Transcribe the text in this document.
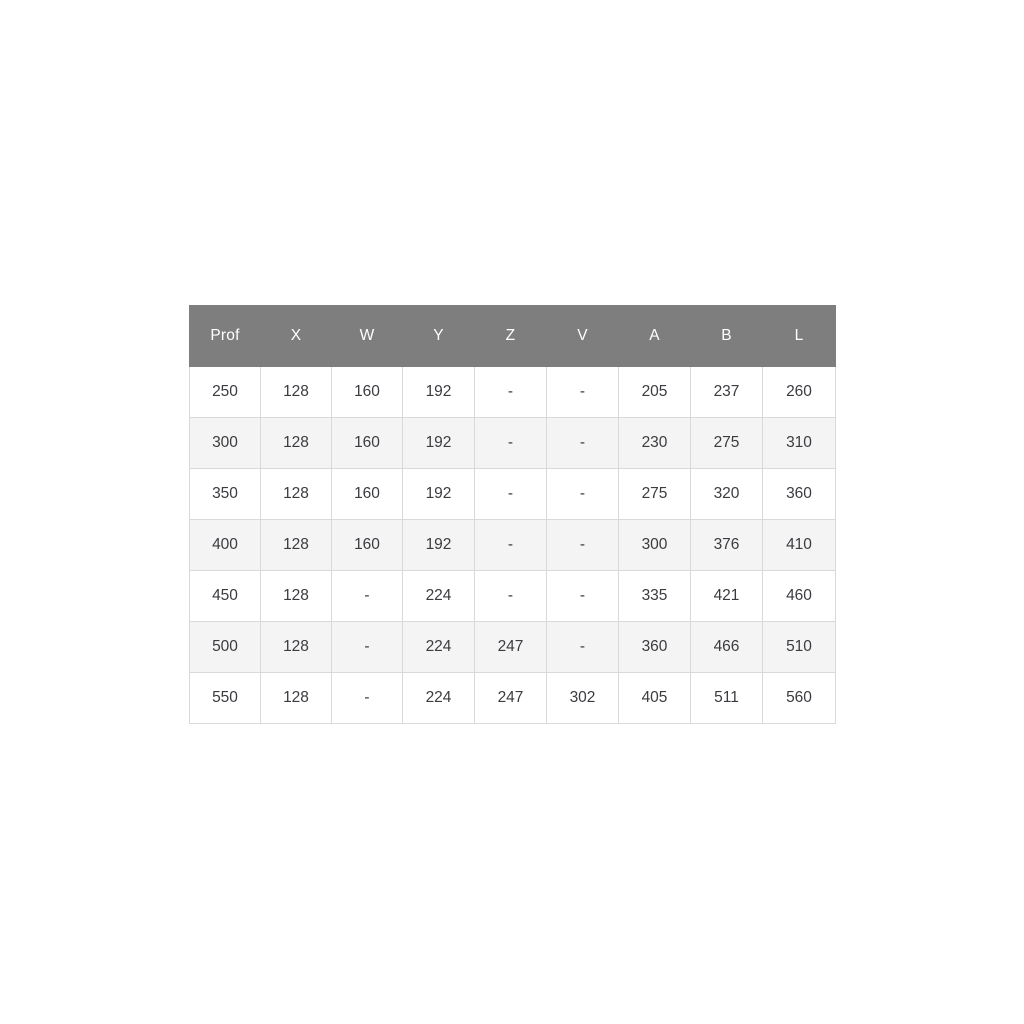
Prof	X	W	Y	Z	V	A	B	L
250	128	160	192	-	-	205	237	260
300	128	160	192	-	-	230	275	310
350	128	160	192	-	-	275	320	360
400	128	160	192	-	-	300	376	410
450	128	-	224	-	-	335	421	460
500	128	-	224	247	-	360	466	510
550	128	-	224	247	302	405	511	560
